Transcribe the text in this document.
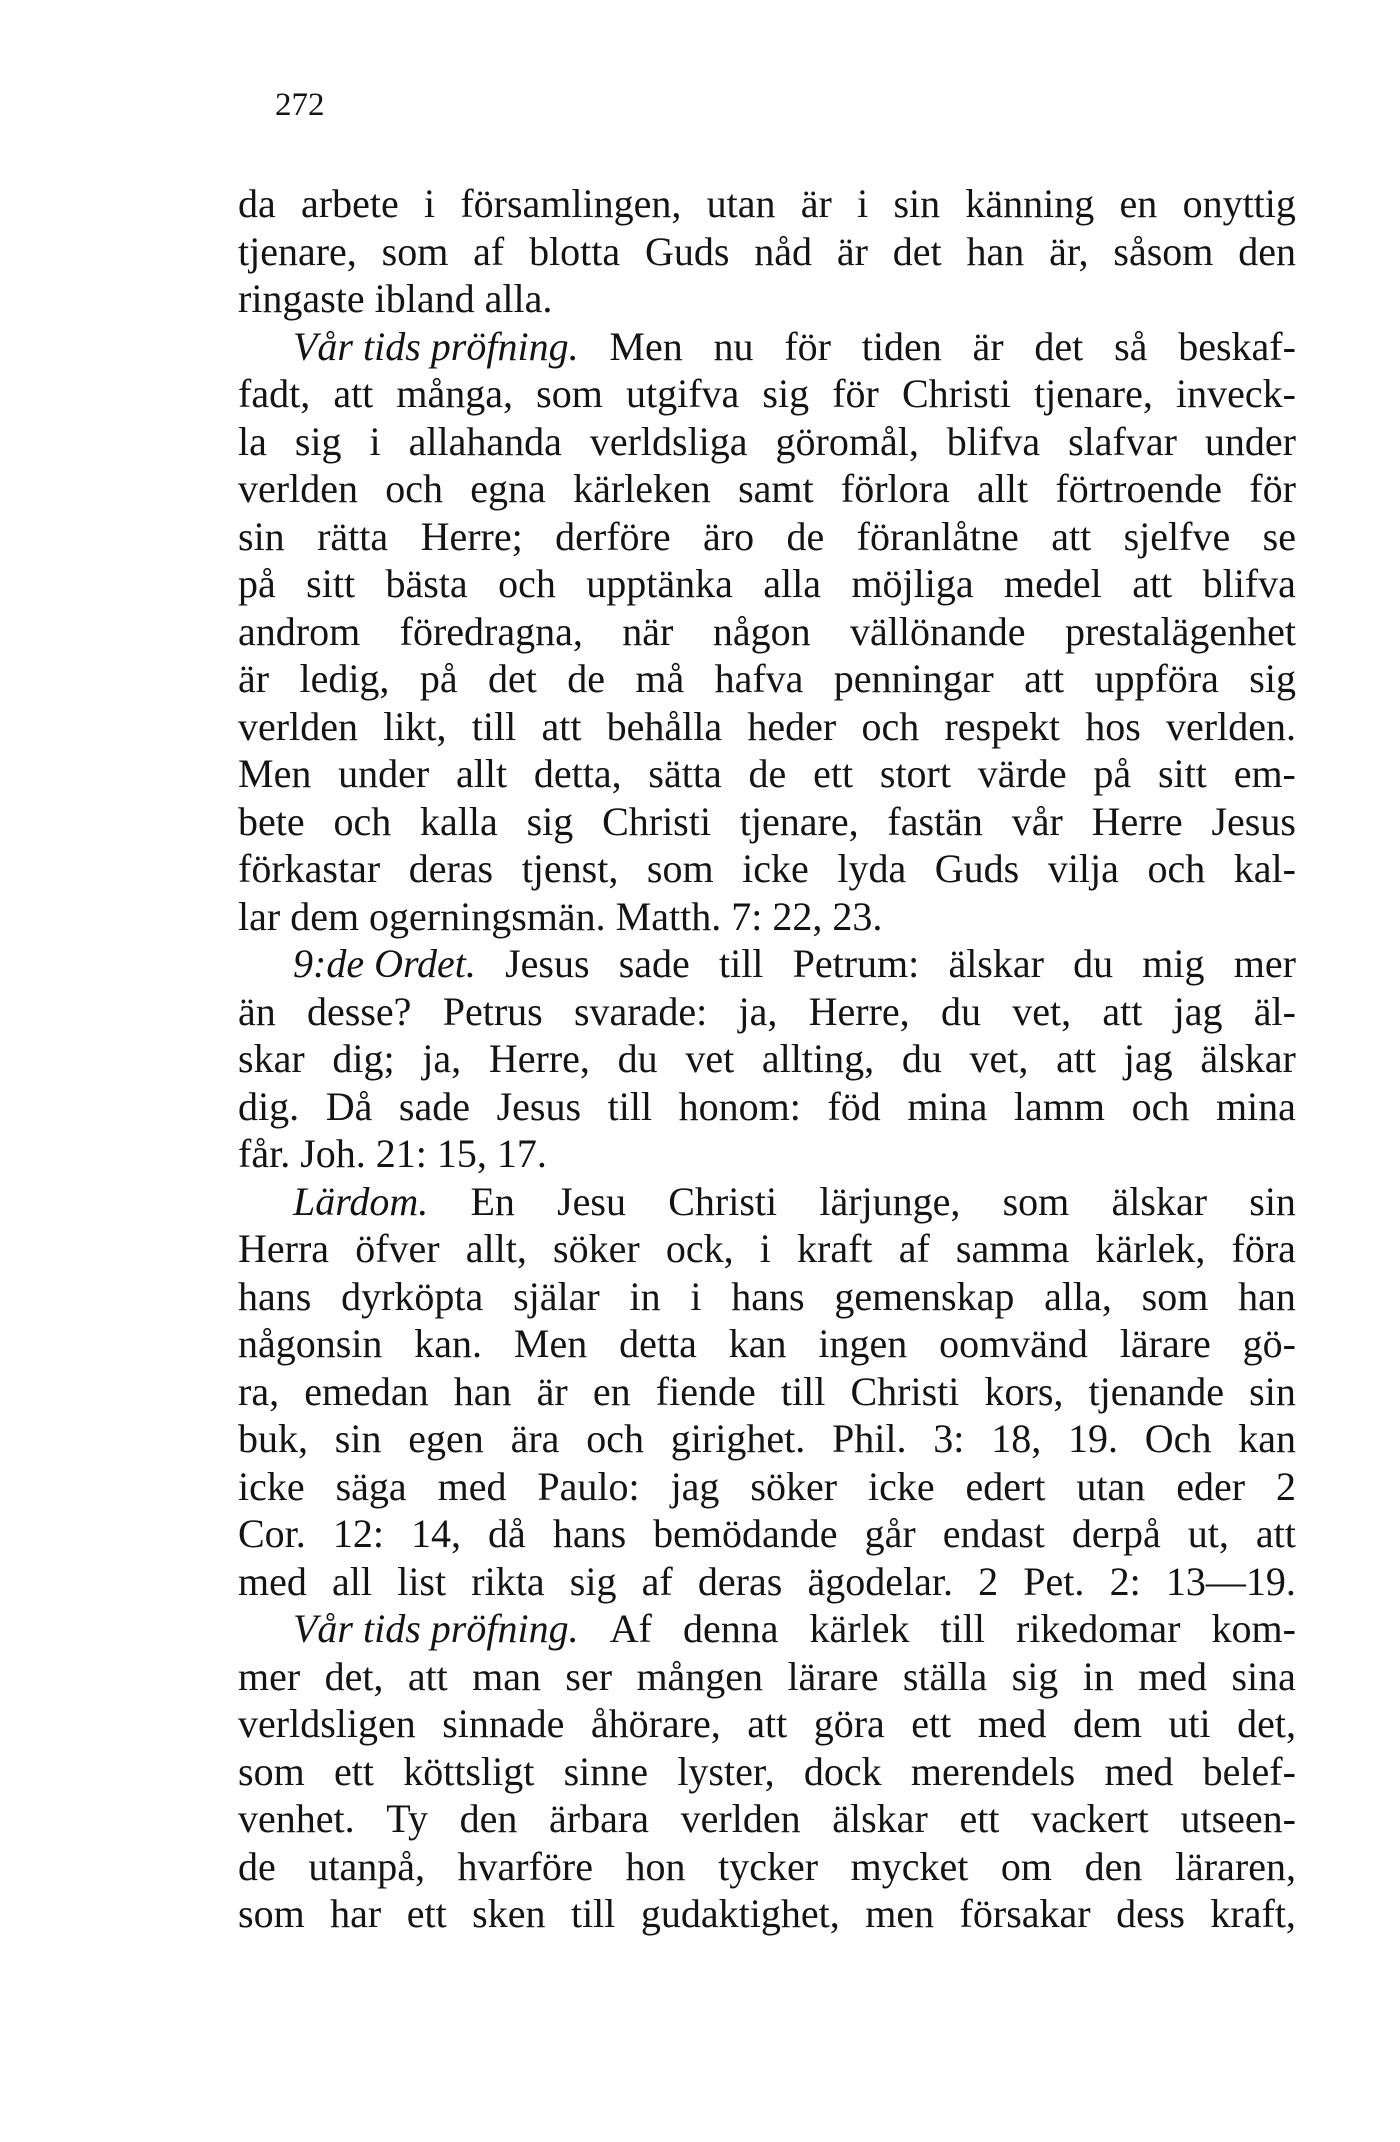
272
da arbete i församlingen, utan är i sin känning en onyttig
tjenare, som af blotta Guds nåd är det han är, såsom den
ringaste ibland alla.
Vår tids pröfning. Men nu för tiden är det så beskaf-
fadt, att många, som utgifva sig för Christi tjenare, inveck-
la sig i allahanda verldsliga göromål, blifva slafvar under
verlden och egna kärleken samt förlora allt förtroende för
sin rätta Herre; derföre äro de föranlåtne att sjelfve se
på sitt bästa och upptänka alla möjliga medel att blifva
androm föredragna, när någon vällönande prestalägenhet
är ledig, på det de må hafva penningar att uppföra sig
verlden likt, till att behålla heder och respekt hos verlden.
Men under allt detta, sätta de ett stort värde på sitt em-
bete och kalla sig Christi tjenare, fastän vår Herre Jesus
förkastar deras tjenst, som icke lyda Guds vilja och kal-
lar dem ogerningsmän. Matth. 7: 22, 23.
9:de Ordet. Jesus sade till Petrum: älskar du mig mer
än desse? Petrus svarade: ja, Herre, du vet, att jag äl-
skar dig; ja, Herre, du vet allting, du vet, att jag älskar
dig. Då sade Jesus till honom: föd mina lamm och mina
får. Joh. 21: 15, 17.
Lärdom. En Jesu Christi lärjunge, som älskar sin
Herra öfver allt, söker ock, i kraft af samma kärlek, föra
hans dyrköpta själar in i hans gemenskap alla, som han
någonsin kan. Men detta kan ingen oomvänd lärare gö-
ra, emedan han är en fiende till Christi kors, tjenande sin
buk, sin egen ära och girighet. Phil. 3: 18, 19. Och kan
icke säga med Paulo: jag söker icke edert utan eder 2
Cor. 12: 14, då hans bemödande går endast derpå ut, att
med all list rikta sig af deras ägodelar. 2 Pet. 2: 13—19.
Vår tids pröfning. Af denna kärlek till rikedomar kom-
mer det, att man ser mången lärare ställa sig in med sina
verldsligen sinnade åhörare, att göra ett med dem uti det,
som ett köttsligt sinne lyster, dock merendels med belef-
venhet. Ty den ärbara verlden älskar ett vackert utseen-
de utanpå, hvarföre hon tycker mycket om den läraren,
som har ett sken till gudaktighet, men försakar dess kraft,
